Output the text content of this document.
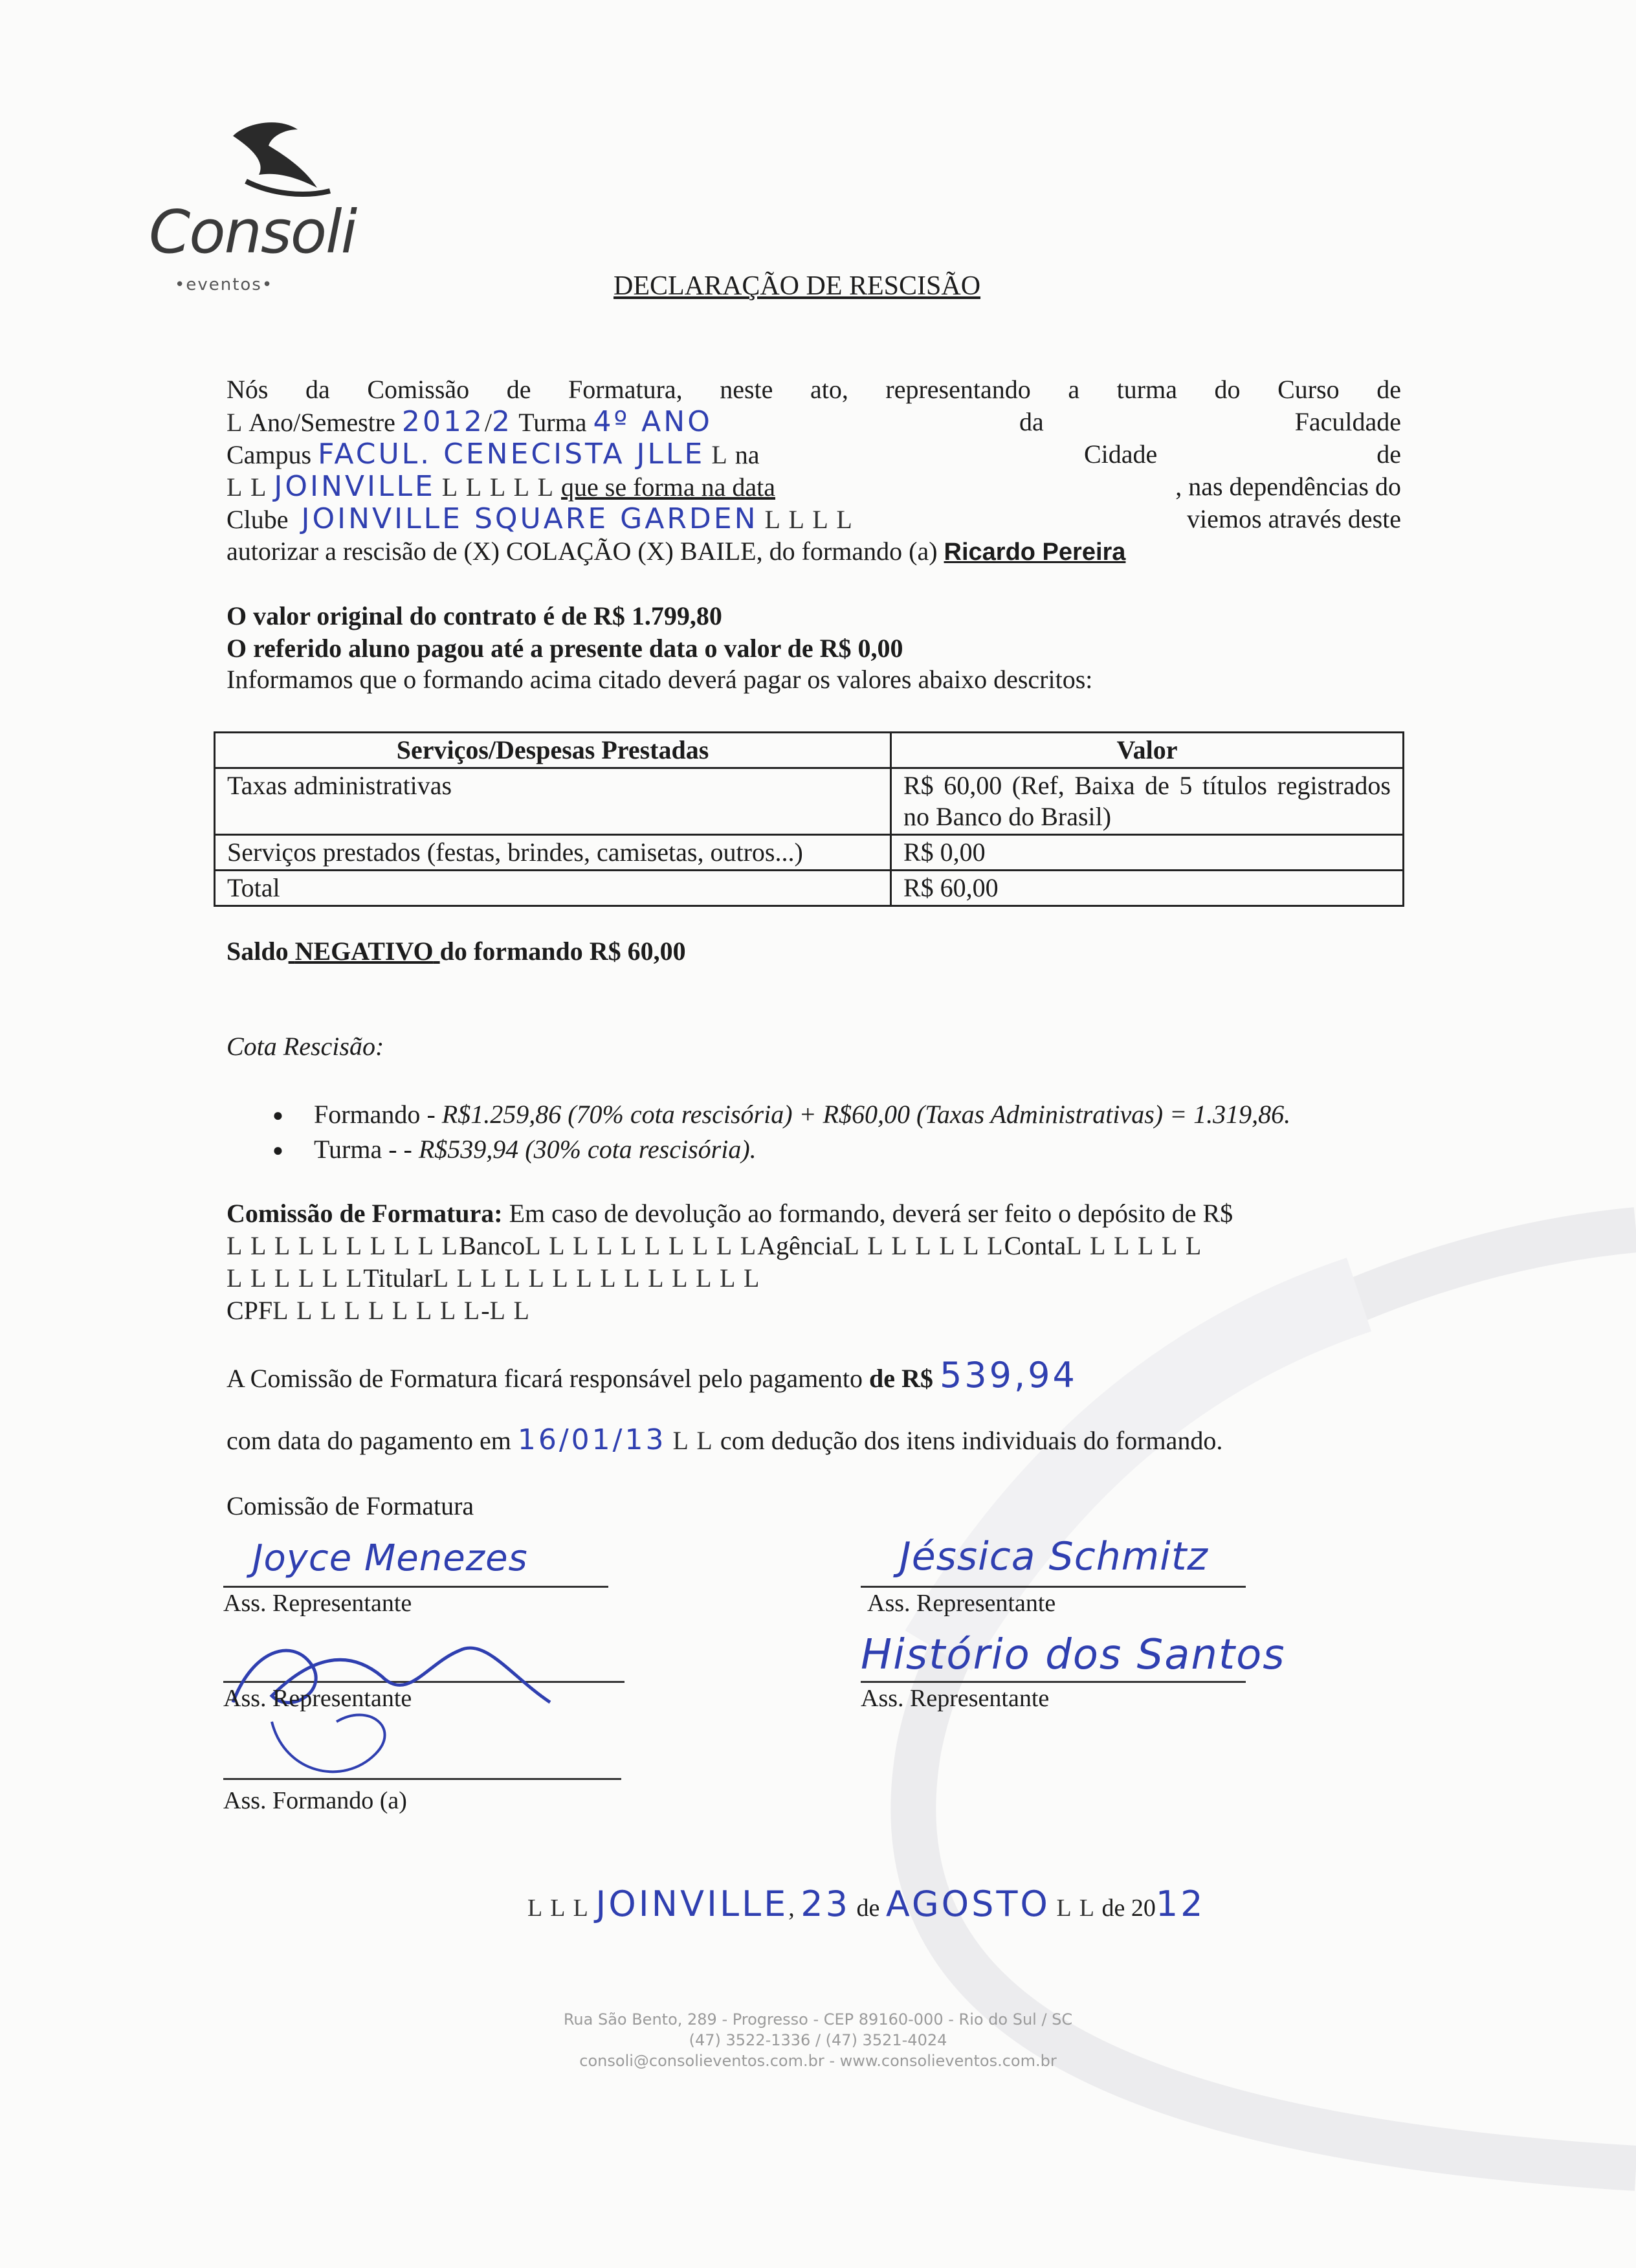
Consoli
•eventos•	DECLARAÇÃO DE RESCISÃO
Nós da Comissão de Formatura, neste ato, representando a turma do Curso de
L Ano/Semestre 2012/2 Turma 4º ANO	da	Faculdade
Campus FACUL. CENECISTA JLLE L na	Cidade	de
L L JOINVILLE L L L L L que se forma na data	, nas dependências do
Clube JOINVILLE SQUARE GARDEN L L L L	viemos através deste
autorizar a rescisão de (X) COLAÇÃO (X) BAILE, do formando (a) Ricardo Pereira
O valor original do contrato é de R$ 1.799,80
O referido aluno pagou até a presente data o valor de R$ 0,00
Informamos que o formando acima citado deverá pagar os valores abaixo descritos:
Serviços/Despesas Prestadas	Valor
Taxas administrativas	R$ 60,00 (Ref, Baixa de 5 títulos registrados no Banco do Brasil)
Serviços prestados (festas, brindes, camisetas, outros...)	R$ 0,00
Total	R$ 60,00
Saldo NEGATIVO do formando R$ 60,00
Cota Rescisão:
● Formando - R$1.259,86 (70% cota rescisória) + R$60,00 (Taxas Administrativas) = 1.319,86.
● Turma - - R$539,94 (30% cota rescisória).
Comissão de Formatura: Em caso de devolução ao formando, deverá ser feito o depósito de R$
L L L L L L L L L LBancoL L L L L L L L L LAgênciaL L L L L L LContaL L L L L L
L L L L L LTitularL L L L L L L L L L L L L L
CPFL L L L L L L L L-L L
A Comissão de Formatura ficará responsável pelo pagamento de R$ 539,94
com data do pagamento em 16/01/13 L L com dedução dos itens individuais do formando.
Comissão de Formatura
Joyce Menezes
Ass. Representante
Ass. Representante
Ass. Formando (a)
Jéssica Schmitz
Ass. Representante
Histório dos Santos
Ass. Representante
L L L JOINVILLE, 23 de AGOSTO L L de 2012
Rua São Bento, 289 - Progresso - CEP 89160-000 - Rio do Sul / SC
(47) 3522-1336 / (47) 3521-4024
consoli@consolieventos.com.br - www.consolieventos.com.br
